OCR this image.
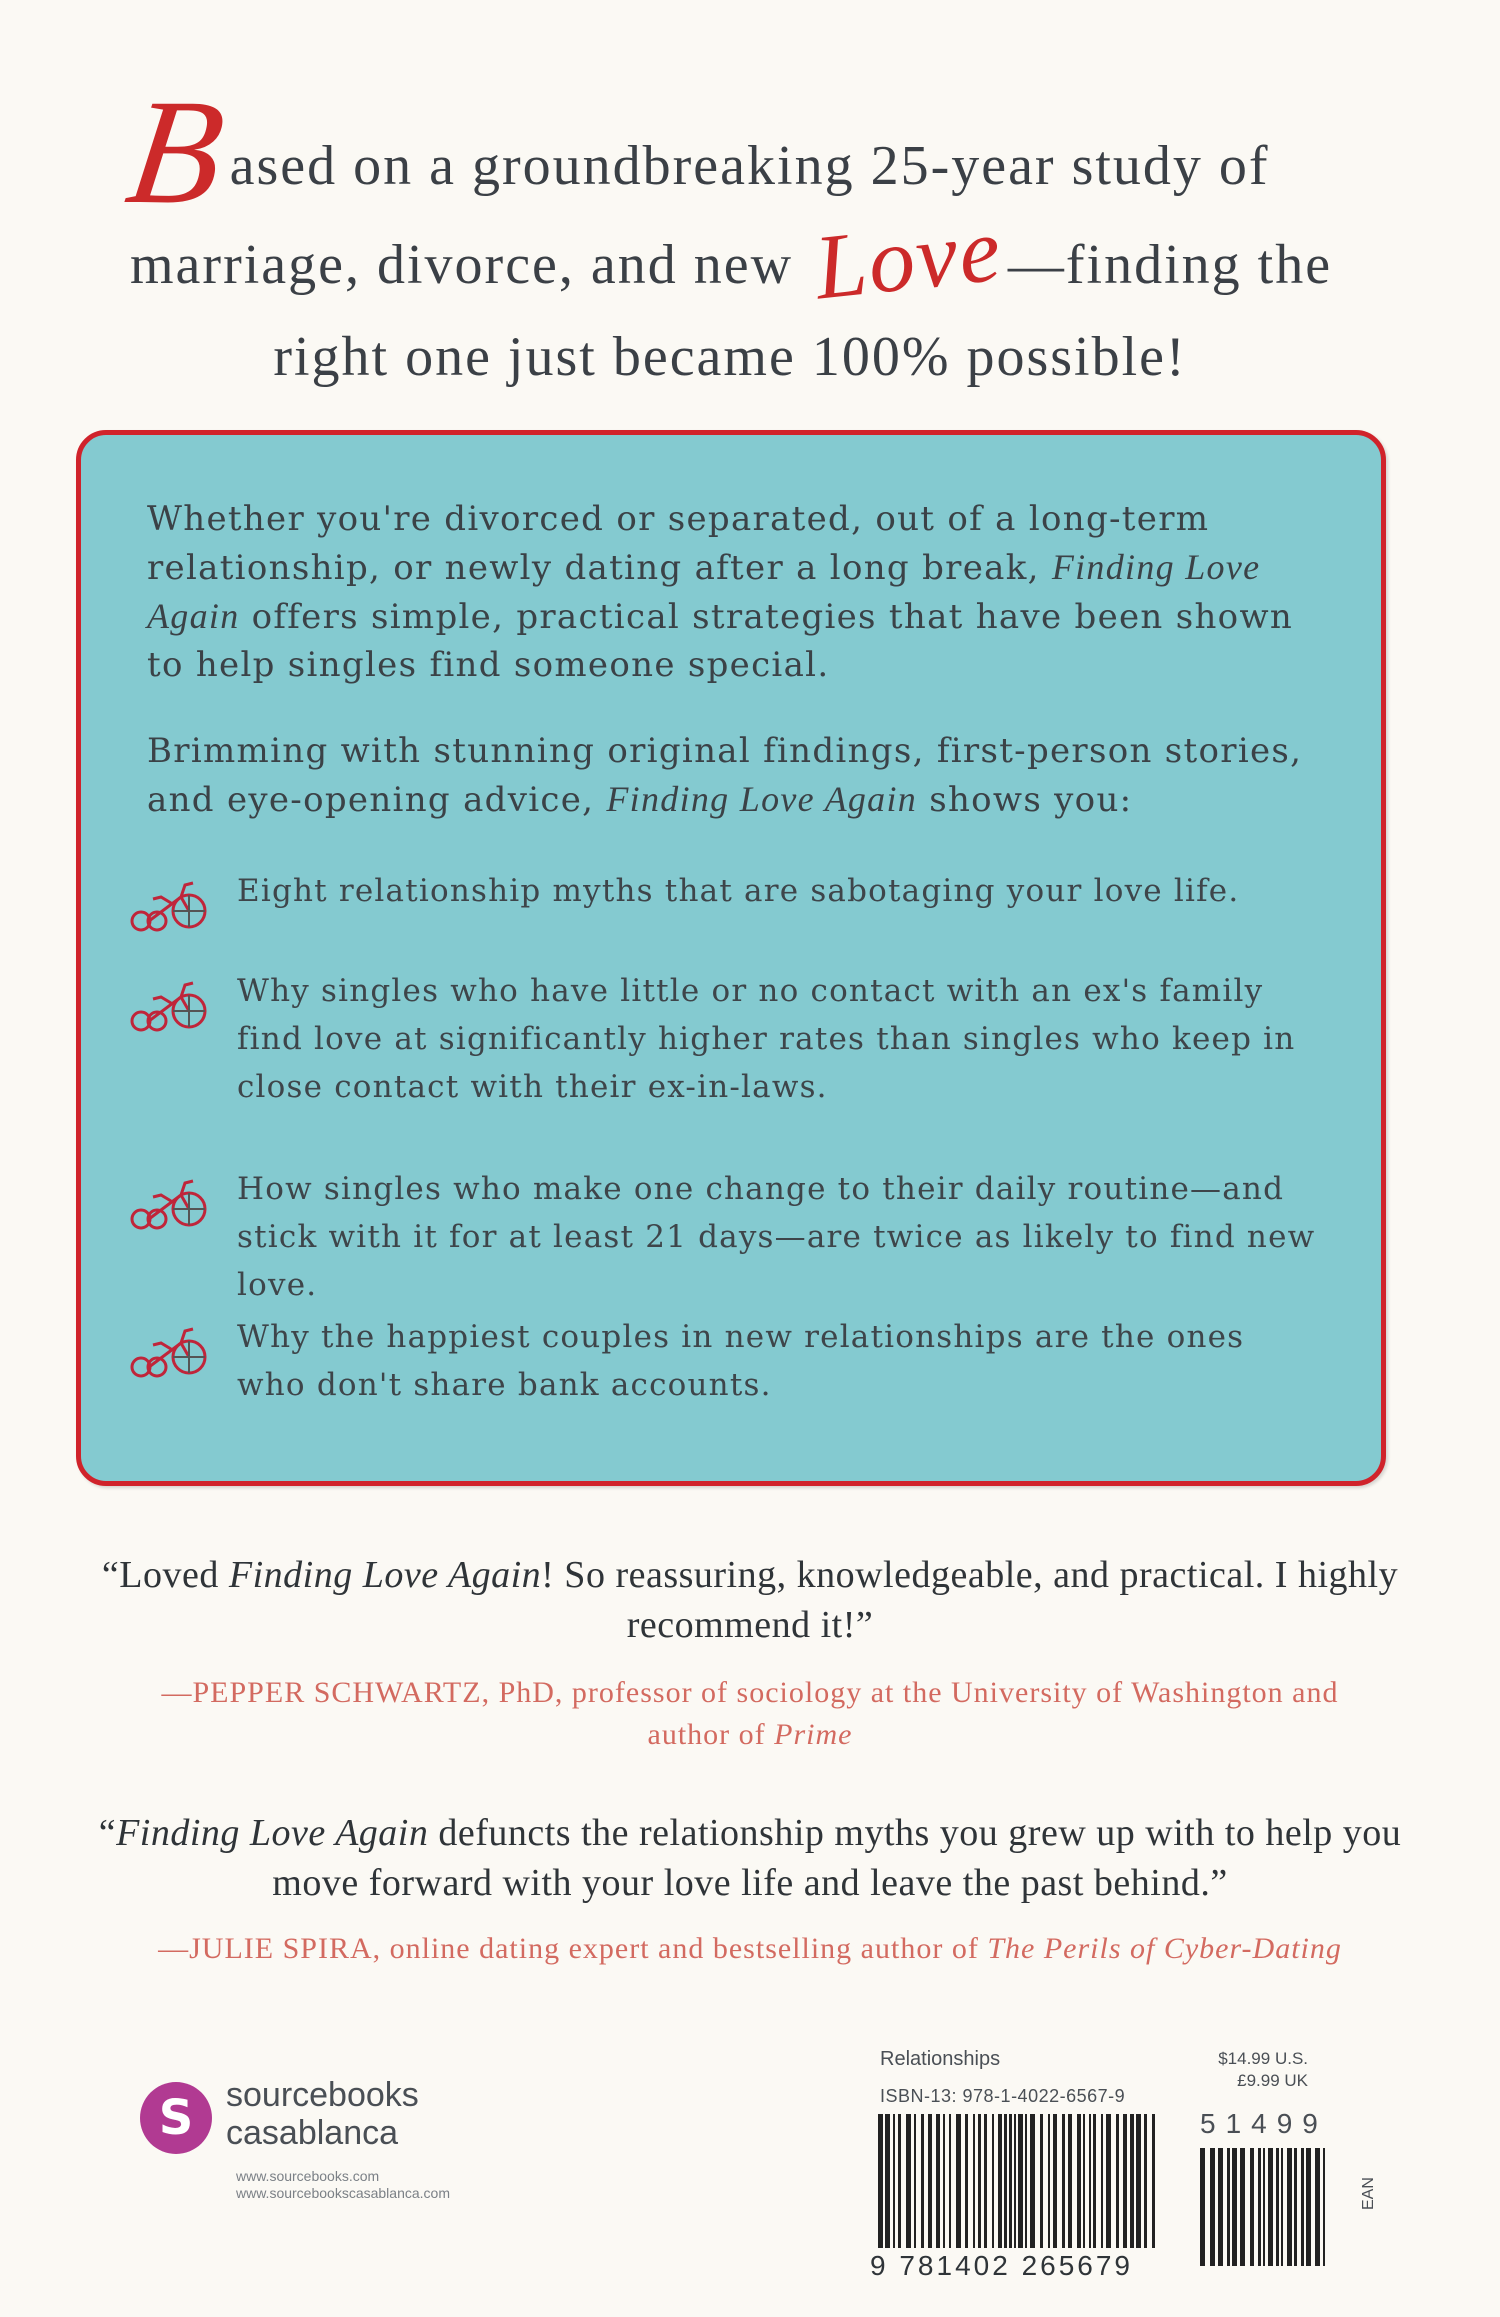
Based on a groundbreaking 25-year study of
marriage, divorce, and new Love—finding the
right one just became 100% possible!

Whether you're divorced or separated, out of a long-term relationship, or newly dating after a long break, Finding Love Again offers simple, practical strategies that have been shown to help singles find someone special.

Brimming with stunning original findings, first-person stories, and eye-opening advice, Finding Love Again shows you:

Eight relationship myths that are sabotaging your love life.
Why singles who have little or no contact with an ex's family find love at significantly higher rates than singles who keep in close contact with their ex-in-laws.
How singles who make one change to their daily routine—and stick with it for at least 21 days—are twice as likely to find new love.
Why the happiest couples in new relationships are the ones who don't share bank accounts.
“Loved Finding Love Again! So reassuring, knowledgeable, and practical. I highly recommend it!”
—PEPPER SCHWARTZ, PhD, professor of sociology at the University of Washington and author of Prime
“Finding Love Again defuncts the relationship myths you grew up with to help you move forward with your love life and leave the past behind.”
—JULIE SPIRA, online dating expert and bestselling author of The Perils of Cyber-Dating
S sourcebooks
casablanca
www.sourcebooks.com
www.sourcebookscasablanca.com
Relationships	$14.99 U.S.
£9.99 UK
ISBN-13: 978-1-4022-6567-9
9 781402 265679
51499
EAN
